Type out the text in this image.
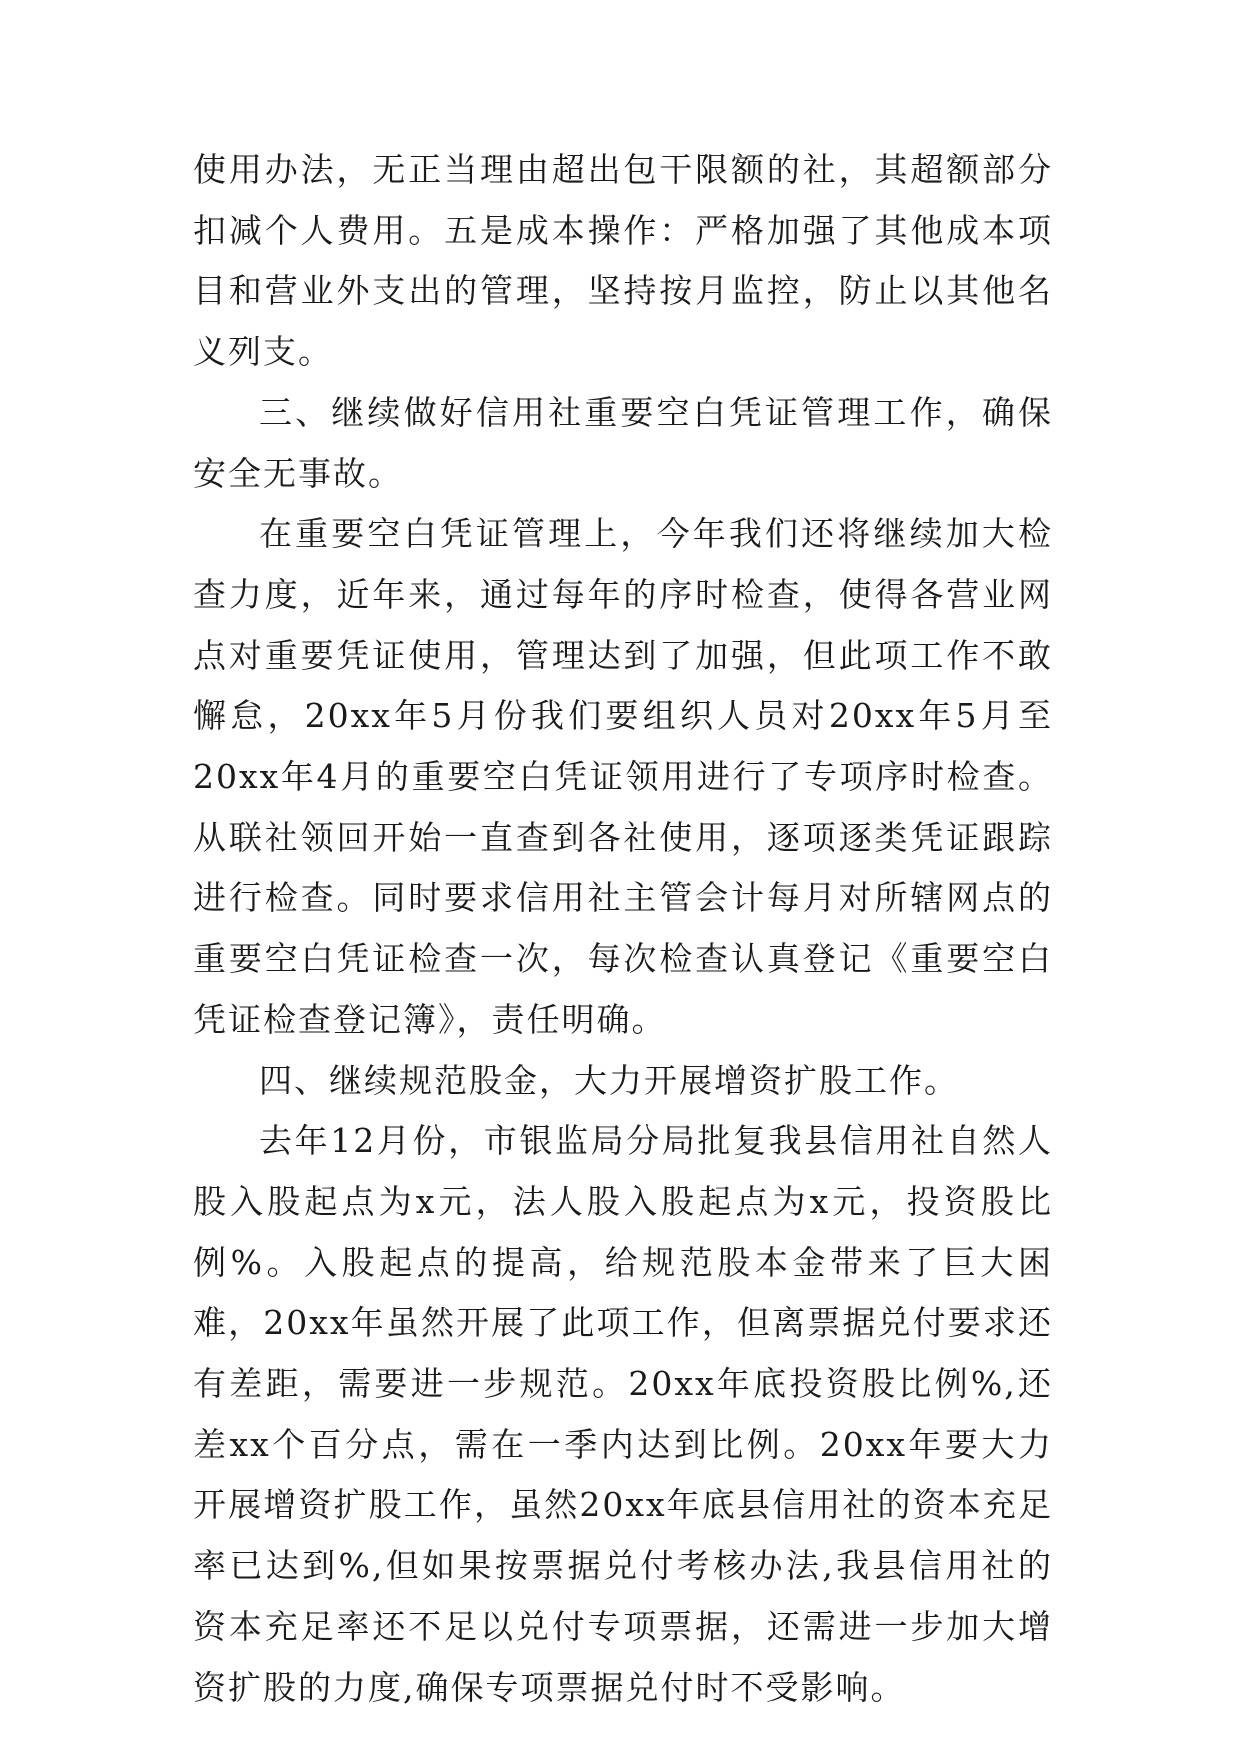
使用办法，无正当理由超出包干限额的社，其超额部分扣减个人费用。五是成本操作：严格加强了其他成本项目和营业外支出的管理，坚持按月监控，防止以其他名义列支。

三、继续做好信用社重要空白凭证管理工作，确保安全无事故。

在重要空白凭证管理上，今年我们还将继续加大检查力度，近年来，通过每年的序时检查，使得各营业网点对重要凭证使用，管理达到了加强，但此项工作不敢懈怠，20xx年5月份我们要组织人员对20xx年5月至20xx年4月的重要空白凭证领用进行了专项序时检查。从联社领回开始一直查到各社使用，逐项逐类凭证跟踪进行检查。同时要求信用社主管会计每月对所辖网点的重要空白凭证检查一次，每次检查认真登记《重要空白凭证检查登记簿》，责任明确。

四、继续规范股金，大力开展增资扩股工作。

去年12月份，市银监局分局批复我县信用社自然人股入股起点为x元，法人股入股起点为x元，投资股比例%。入股起点的提高，给规范股本金带来了巨大困难，20xx年虽然开展了此项工作，但离票据兑付要求还有差距，需要进一步规范。20xx年底投资股比例%,还差xx个百分点，需在一季内达到比例。20xx年要大力开展增资扩股工作，虽然20xx年底县信用社的资本充足率已达到%,但如果按票据兑付考核办法,我县信用社的资本充足率还不足以兑付专项票据，还需进一步加大增资扩股的力度,确保专项票据兑付时不受影响。
